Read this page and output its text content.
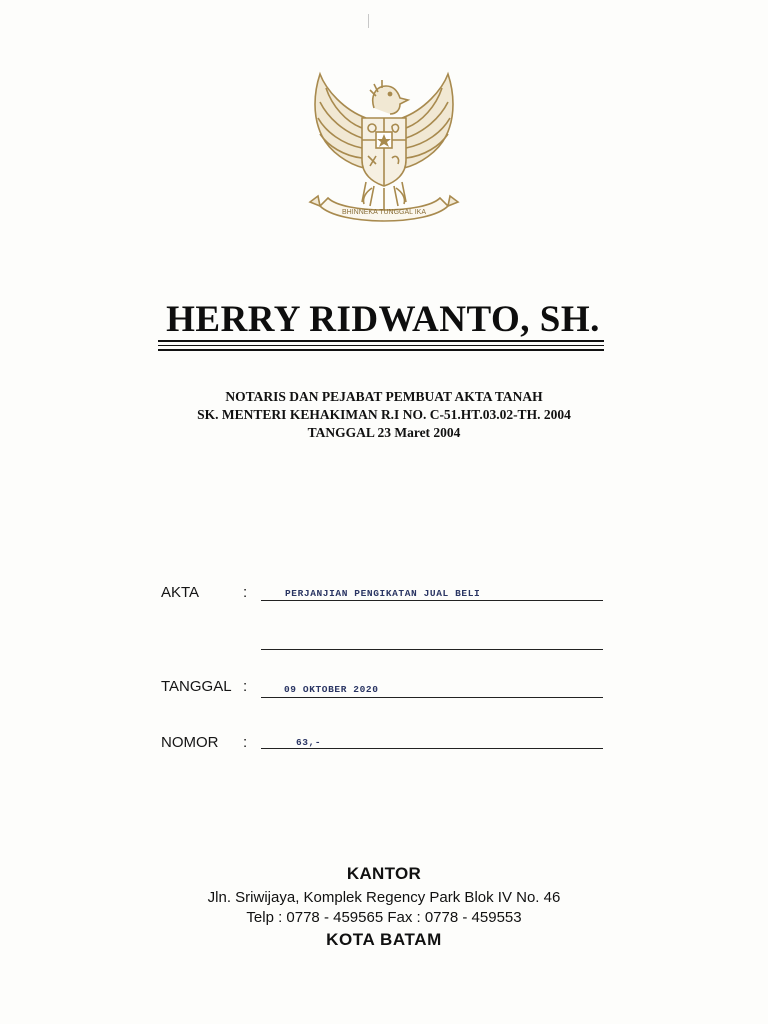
BHINNEKA TUNGGAL IKA
HERRY RIDWANTO, SH.
NOTARIS DAN PEJABAT PEMBUAT AKTA TANAH
SK. MENTERI KEHAKIMAN R.I NO. C-51.HT.03.02-TH. 2004
TANGGAL 23 Maret 2004
AKTA	:	PERJANJIAN PENGIKATAN JUAL BELI
TANGGAL :	09 OKTOBER 2020
NOMOR :	63,-
KANTOR
Jln. Sriwijaya, Komplek Regency Park Blok IV No. 46
Telp : 0778 - 459565 Fax : 0778 - 459553
KOTA BATAM
